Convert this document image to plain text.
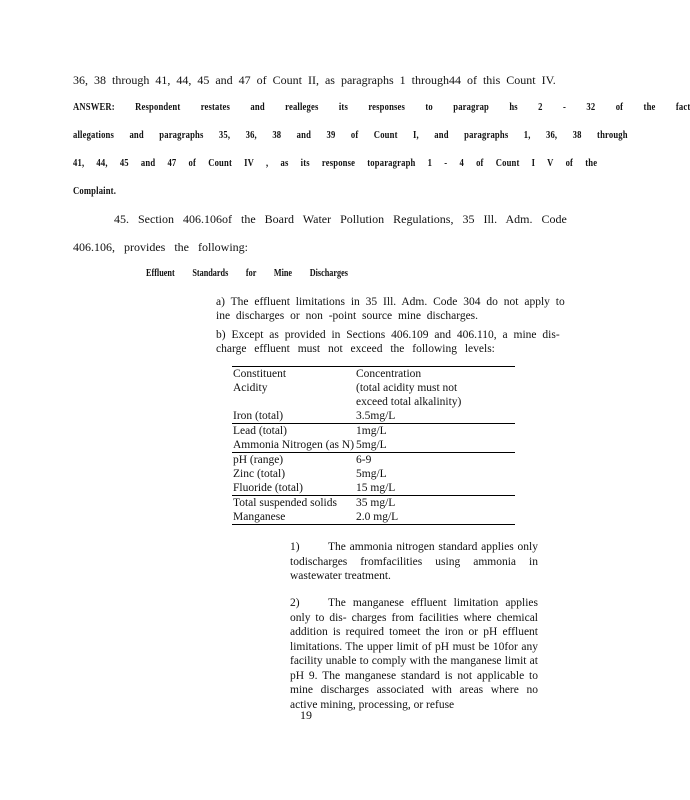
36, 38 through 41, 44, 45 and 47 of Count II, as paragraphs 1 through44 of this Count IV.
ANSWER: Respondent restates and realleges its responses to paragrap hs 2 - 32 of the fact
allegations and paragraphs 35, 36, 38 and 39 of Count I, and paragraphs 1, 36, 38 through
41, 44, 45 and 47 of Count IV , as its response toparagraph 1 - 4 of Count I V of the
Complaint.
45. Section 406.106of the Board Water Pollution Regulations, 35 Ill. Adm. Code
406.106, provides the following:
Effluent Standards for Mine Discharges
a) The effluent limitations in 35 Ill. Adm. Code 304 do not apply to
ine discharges or non -point source mine discharges.
b) Except as provided in Sections 406.109 and 406.110, a mine dis-
charge effluent must not exceed the following levels:
Constituent	Concentration
Acidity	(total acidity must not
	exceed total alkalinity)
Iron (total)	3.5mg/L
Lead (total)	1mg/L
Ammonia Nitrogen (as N)	5mg/L
pH (range)	6-9
Zinc (total)	5mg/L
Fluoride (total)	15 mg/L
Total suspended solids	35 mg/L
Manganese	2.0 mg/L
1) The ammonia nitrogen standard applies only todischarges fromfacilities using ammonia in wastewater treatment.
2) The manganese effluent limitation applies only to dis- charges from facilities where chemical addition is required tomeet the iron or pH effluent limitations. The upper limit of pH must be 10for any facility unable to comply with the manganese limit at pH 9. The manganese standard is not applicable to mine discharges associated with areas where no active mining, processing, or refuse
19
